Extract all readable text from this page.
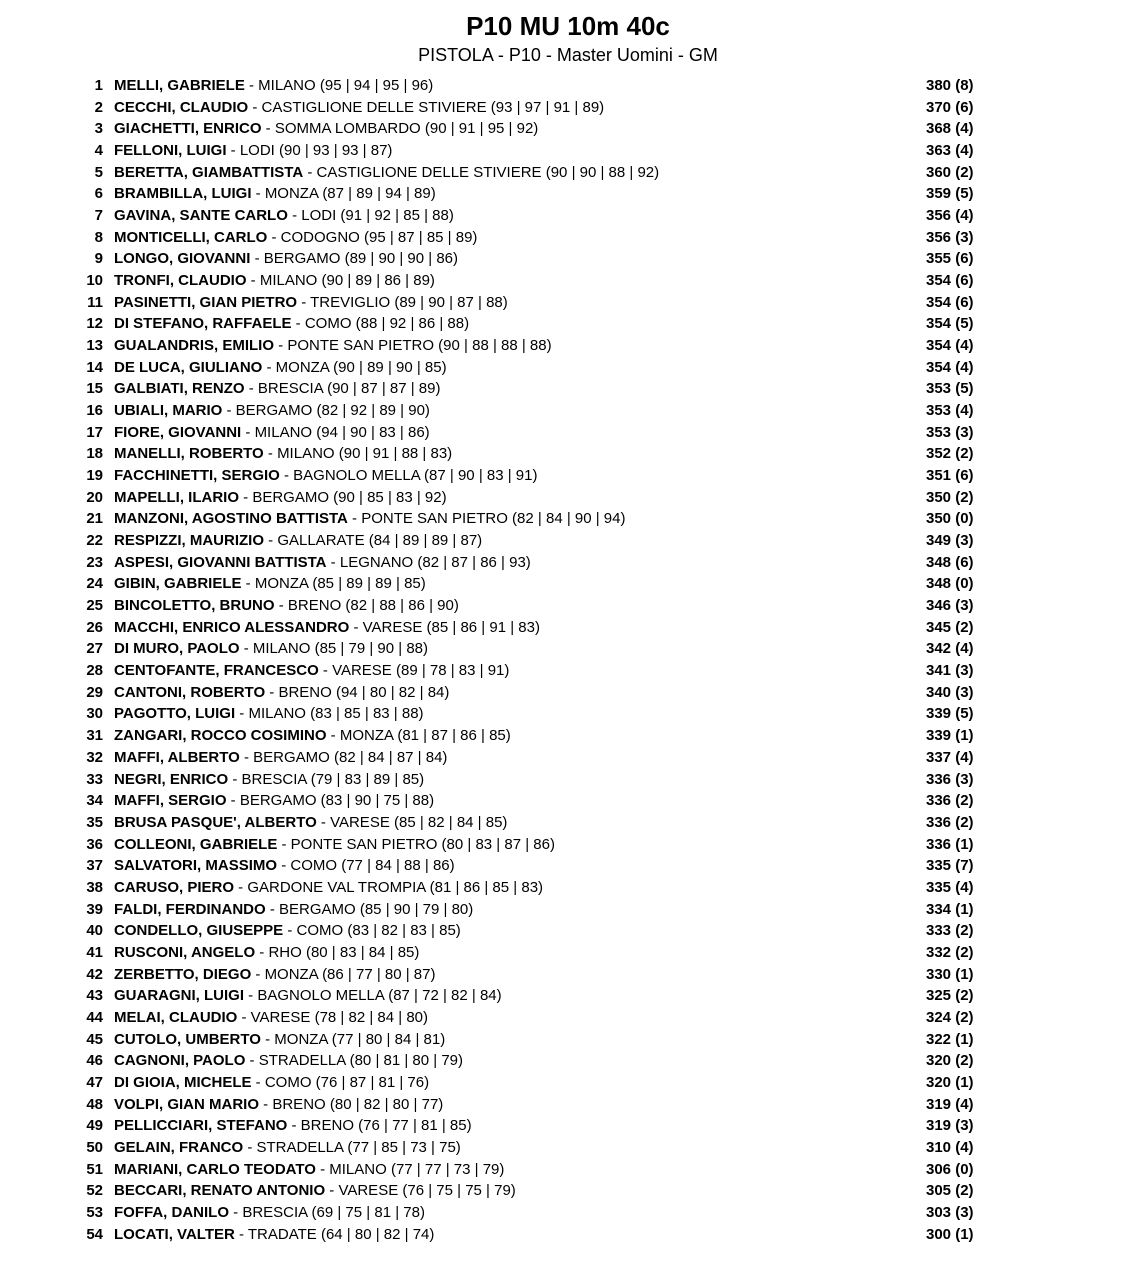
P10 MU 10m 40c
PISTOLA - P10 - Master Uomini - GM
1 MELLI, GABRIELE - MILANO (95 | 94 | 95 | 96)	380 (8)
2 CECCHI, CLAUDIO - CASTIGLIONE DELLE STIVIERE (93 | 97 | 91 | 89)	370 (6)
3 GIACHETTI, ENRICO - SOMMA LOMBARDO (90 | 91 | 95 | 92)	368 (4)
4 FELLONI, LUIGI - LODI (90 | 93 | 93 | 87)	363 (4)
5 BERETTA, GIAMBATTISTA - CASTIGLIONE DELLE STIVIERE (90 | 90 | 88 | 92)	360 (2)
6 BRAMBILLA, LUIGI - MONZA (87 | 89 | 94 | 89)	359 (5)
7 GAVINA, SANTE CARLO - LODI (91 | 92 | 85 | 88)	356 (4)
8 MONTICELLI, CARLO - CODOGNO (95 | 87 | 85 | 89)	356 (3)
9 LONGO, GIOVANNI - BERGAMO (89 | 90 | 90 | 86)	355 (6)
10 TRONFI, CLAUDIO - MILANO (90 | 89 | 86 | 89)	354 (6)
11 PASINETTI, GIAN PIETRO - TREVIGLIO (89 | 90 | 87 | 88)	354 (6)
12 DI STEFANO, RAFFAELE - COMO (88 | 92 | 86 | 88)	354 (5)
13 GUALANDRIS, EMILIO - PONTE SAN PIETRO (90 | 88 | 88 | 88)	354 (4)
14 DE LUCA, GIULIANO - MONZA (90 | 89 | 90 | 85)	354 (4)
15 GALBIATI, RENZO - BRESCIA (90 | 87 | 87 | 89)	353 (5)
16 UBIALI, MARIO - BERGAMO (82 | 92 | 89 | 90)	353 (4)
17 FIORE, GIOVANNI - MILANO (94 | 90 | 83 | 86)	353 (3)
18 MANELLI, ROBERTO - MILANO (90 | 91 | 88 | 83)	352 (2)
19 FACCHINETTI, SERGIO - BAGNOLO MELLA (87 | 90 | 83 | 91)	351 (6)
20 MAPELLI, ILARIO - BERGAMO (90 | 85 | 83 | 92)	350 (2)
21 MANZONI, AGOSTINO BATTISTA - PONTE SAN PIETRO (82 | 84 | 90 | 94)	350 (0)
22 RESPIZZI, MAURIZIO - GALLARATE (84 | 89 | 89 | 87)	349 (3)
23 ASPESI, GIOVANNI BATTISTA - LEGNANO (82 | 87 | 86 | 93)	348 (6)
24 GIBIN, GABRIELE - MONZA (85 | 89 | 89 | 85)	348 (0)
25 BINCOLETTO, BRUNO - BRENO (82 | 88 | 86 | 90)	346 (3)
26 MACCHI, ENRICO ALESSANDRO - VARESE (85 | 86 | 91 | 83)	345 (2)
27 DI MURO, PAOLO - MILANO (85 | 79 | 90 | 88)	342 (4)
28 CENTOFANTE, FRANCESCO - VARESE (89 | 78 | 83 | 91)	341 (3)
29 CANTONI, ROBERTO - BRENO (94 | 80 | 82 | 84)	340 (3)
30 PAGOTTO, LUIGI - MILANO (83 | 85 | 83 | 88)	339 (5)
31 ZANGARI, ROCCO COSIMINO - MONZA (81 | 87 | 86 | 85)	339 (1)
32 MAFFI, ALBERTO - BERGAMO (82 | 84 | 87 | 84)	337 (4)
33 NEGRI, ENRICO - BRESCIA (79 | 83 | 89 | 85)	336 (3)
34 MAFFI, SERGIO - BERGAMO (83 | 90 | 75 | 88)	336 (2)
35 BRUSA PASQUE', ALBERTO - VARESE (85 | 82 | 84 | 85)	336 (2)
36 COLLEONI, GABRIELE - PONTE SAN PIETRO (80 | 83 | 87 | 86)	336 (1)
37 SALVATORI, MASSIMO - COMO (77 | 84 | 88 | 86)	335 (7)
38 CARUSO, PIERO - GARDONE VAL TROMPIA (81 | 86 | 85 | 83)	335 (4)
39 FALDI, FERDINANDO - BERGAMO (85 | 90 | 79 | 80)	334 (1)
40 CONDELLO, GIUSEPPE - COMO (83 | 82 | 83 | 85)	333 (2)
41 RUSCONI, ANGELO - RHO (80 | 83 | 84 | 85)	332 (2)
42 ZERBETTO, DIEGO - MONZA (86 | 77 | 80 | 87)	330 (1)
43 GUARAGNI, LUIGI - BAGNOLO MELLA (87 | 72 | 82 | 84)	325 (2)
44 MELAI, CLAUDIO - VARESE (78 | 82 | 84 | 80)	324 (2)
45 CUTOLO, UMBERTO - MONZA (77 | 80 | 84 | 81)	322 (1)
46 CAGNONI, PAOLO - STRADELLA (80 | 81 | 80 | 79)	320 (2)
47 DI GIOIA, MICHELE - COMO (76 | 87 | 81 | 76)	320 (1)
48 VOLPI, GIAN MARIO - BRENO (80 | 82 | 80 | 77)	319 (4)
49 PELLICCIARI, STEFANO - BRENO (76 | 77 | 81 | 85)	319 (3)
50 GELAIN, FRANCO - STRADELLA (77 | 85 | 73 | 75)	310 (4)
51 MARIANI, CARLO TEODATO - MILANO (77 | 77 | 73 | 79)	306 (0)
52 BECCARI, RENATO ANTONIO - VARESE (76 | 75 | 75 | 79)	305 (2)
53 FOFFA, DANILO - BRESCIA (69 | 75 | 81 | 78)	303 (3)
54 LOCATI, VALTER - TRADATE (64 | 80 | 82 | 74)	300 (1)
